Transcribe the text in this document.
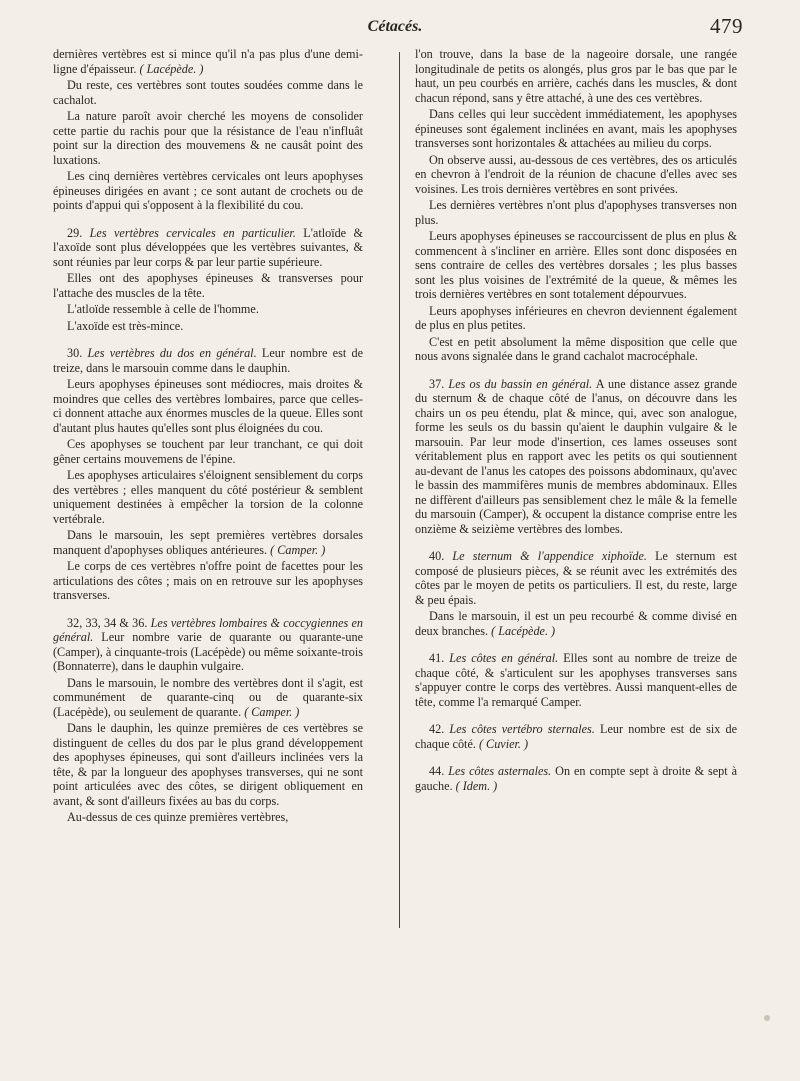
Cétacés.	479

dernières vertèbres est si mince qu'il n'a pas plus d'une demi-ligne d'épaisseur. ( Lacépède. )

Du reste, ces vertèbres sont toutes soudées comme dans le cachalot.

La nature paroît avoir cherché les moyens de consolider cette partie du rachis pour que la résistance de l'eau n'influât point sur la direction des mouvemens & ne causât point des luxations.

Les cinq dernières vertèbres cervicales ont leurs apophyses épineuses dirigées en avant ; ce sont autant de crochets ou de points d'appui qui s'opposent à la flexibilité du cou.

29. Les vertèbres cervicales en particulier. L'atloïde & l'axoïde sont plus développées que les vertèbres suivantes, & sont réunies par leur corps & par leur partie supérieure.

Elles ont des apophyses épineuses & transverses pour l'attache des muscles de la tête.

L'atloïde ressemble à celle de l'homme.

L'axoïde est très-mince.

30. Les vertèbres du dos en général. Leur nombre est de treize, dans le marsouin comme dans le dauphin.

Leurs apophyses épineuses sont médiocres, mais droites & moindres que celles des vertèbres lombaires, parce que celles-ci donnent attache aux énormes muscles de la queue. Elles sont d'autant plus hautes qu'elles sont plus éloignées du cou.

Ces apophyses se touchent par leur tranchant, ce qui doit gêner certains mouvemens de l'épine.

Les apophyses articulaires s'éloignent sensiblement du corps des vertèbres ; elles manquent du côté postérieur & semblent uniquement destinées à empêcher la torsion de la colonne vertébrale.

Dans le marsouin, les sept premières vertèbres dorsales manquent d'apophyses obliques antérieures. ( Camper. )

Le corps de ces vertèbres n'offre point de facettes pour les articulations des côtes ; mais on en retrouve sur les apophyses transverses.

32, 33, 34 & 36. Les vertèbres lombaires & coccygiennes en général. Leur nombre varie de quarante ou quarante-une (Camper), à cinquante-trois (Lacépède) ou même soixante-trois (Bonnaterre), dans le dauphin vulgaire.

Dans le marsouin, le nombre des vertèbres dont il s'agit, est communément de quarante-cinq ou de quarante-six (Lacépède), ou seulement de quarante. ( Camper. )

Dans le dauphin, les quinze premières de ces vertèbres se distinguent de celles du dos par le plus grand développement des apophyses épineuses, qui sont d'ailleurs inclinées vers la tête, & par la longueur des apophyses transverses, qui ne sont point articulées avec des côtes, se dirigent obliquement en avant, & sont d'ailleurs fixées au bas du corps.

Au-dessus de ces quinze premières vertèbres,

l'on trouve, dans la base de la nageoire dorsale, une rangée longitudinale de petits os alongés, plus gros par le bas que par le haut, un peu courbés en arrière, cachés dans les muscles, & dont chacun répond, sans y être attaché, à une des ces vertèbres.

Dans celles qui leur succèdent immédiatement, les apophyses épineuses sont également inclinées en avant, mais les apophyses transverses sont horizontales & attachées au milieu du corps.

On observe aussi, au-dessous de ces vertèbres, des os articulés en chevron à l'endroit de la réunion de chacune d'elles avec ses voisines. Les trois dernières vertèbres en sont privées.

Les dernières vertèbres n'ont plus d'apophyses transverses non plus.

Leurs apophyses épineuses se raccourcissent de plus en plus & commencent à s'incliner en arrière. Elles sont donc disposées en sens contraire de celles des vertèbres dorsales ; les plus basses sont les plus voisines de l'extrémité de la queue, & mêmes les trois dernières vertèbres en sont totalement dépourvues.

Leurs apophyses inférieures en chevron deviennent également de plus en plus petites.

C'est en petit absolument la même disposition que celle que nous avons signalée dans le grand cachalot macrocéphale.

37. Les os du bassin en général. A une distance assez grande du sternum & de chaque côté de l'anus, on découvre dans les chairs un os peu étendu, plat & mince, qui, avec son analogue, forme les seuls os du bassin qu'aient le dauphin vulgaire & le marsouin. Par leur mode d'insertion, ces lames osseuses sont véritablement plus en rapport avec les petits os qui soutiennent au-devant de l'anus les catopes des poissons abdominaux, qu'avec le bassin des mammifères munis de membres abdominaux. Elles ne diffèrent d'ailleurs pas sensiblement chez le mâle & la femelle du marsouin (Camper), & occupent la distance comprise entre les onzième & seizième vertèbres des lombes.

40. Le sternum & l'appendice xiphoïde. Le sternum est composé de plusieurs pièces, & se réunit avec les extrémités des côtes par le moyen de petits os particuliers. Il est, du reste, large & peu épais.

Dans le marsouin, il est un peu recourbé & comme divisé en deux branches. ( Lacépède. )

41. Les côtes en général. Elles sont au nombre de treize de chaque côté, & s'articulent sur les apophyses transverses sans s'appuyer contre le corps des vertèbres. Aussi manquent-elles de tête, comme l'a remarqué Camper.

42. Les côtes vertébro sternales. Leur nombre est de six de chaque côté. ( Cuvier. )

44. Les côtes asternales. On en compte sept à droite & sept à gauche. ( Idem. )
